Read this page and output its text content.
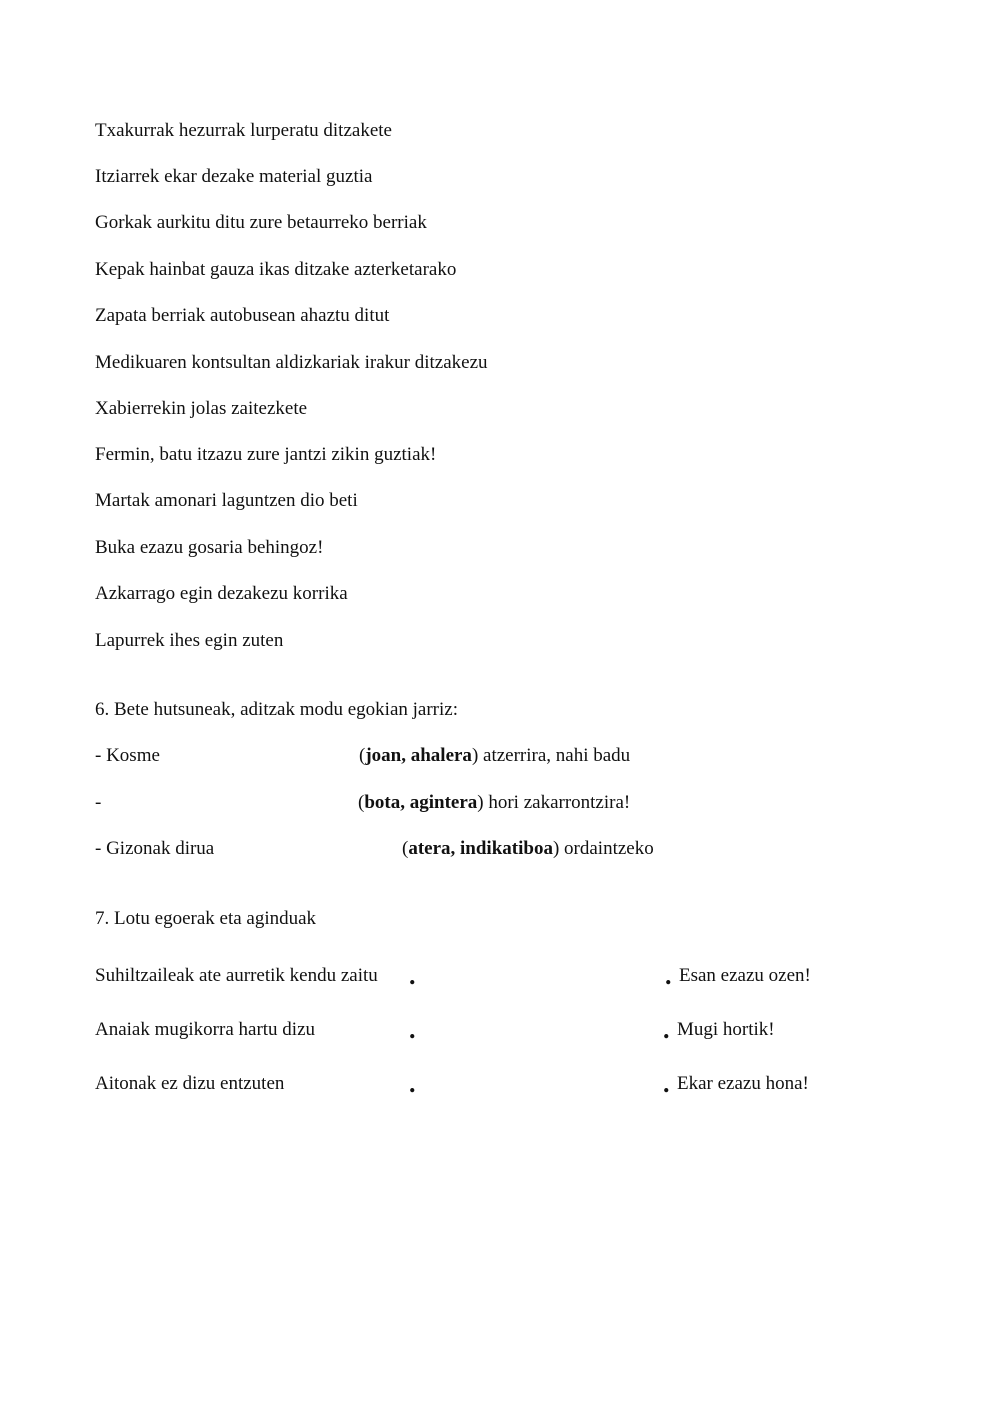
Txakurrak hezurrak lurperatu ditzakete
Itziarrek ekar dezake material guztia
Gorkak aurkitu ditu zure betaurreko berriak
Kepak hainbat gauza ikas ditzake azterketarako
Zapata berriak autobusean ahaztu ditut
Medikuaren kontsultan aldizkariak irakur ditzakezu
Xabierrekin jolas zaitezkete
Fermin, batu itzazu zure jantzi zikin guztiak!
Martak amonari laguntzen dio beti
Buka ezazu gosaria behingoz!
Azkarrago egin dezakezu korrika
Lapurrek ihes egin zuten
6. Bete hutsuneak, aditzak modu egokian jarriz:
- Kosme	(joan, ahalera) atzerrira, nahi badu
-	(bota, agintera) hori zakarrontzira!
- Gizonak dirua	(atera, indikatiboa) ordaintzeko
7. Lotu egoerak eta aginduak
Suhiltzaileak ate aurretik kendu zaitu .	. Esan ezazu ozen!
Anaiak mugikorra hartu dizu	.	. Mugi hortik!
Aitonak ez dizu entzuten	.	. Ekar ezazu hona!
